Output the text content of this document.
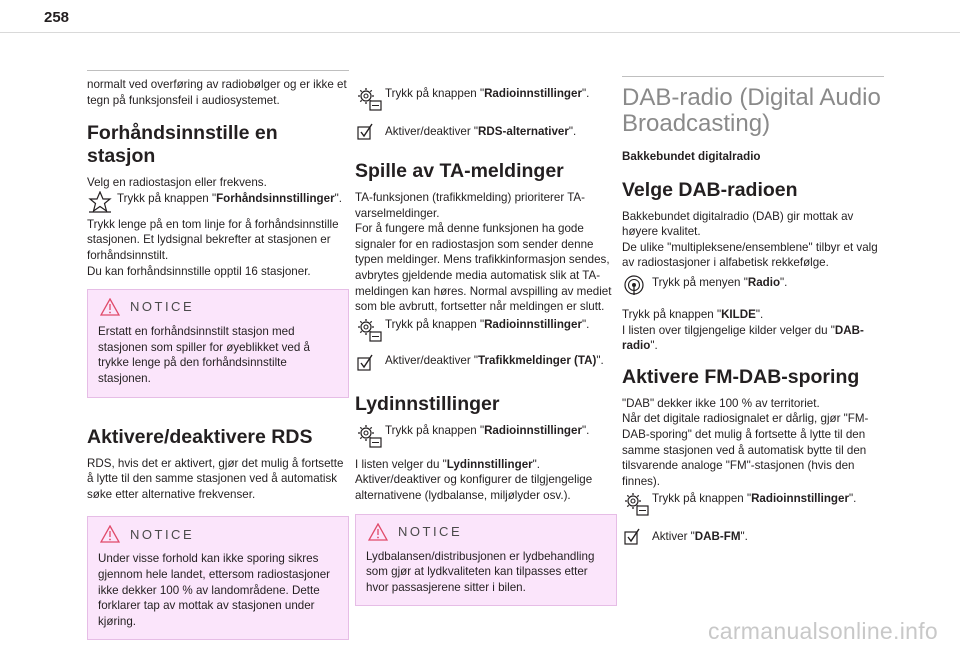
258

normalt ved overføring av radiobølger og er ikke et tegn på funksjonsfeil i audiosystemet.

Forhåndsinnstille en stasjon

Velg en radiostasjon eller frekvens.

Trykk på knappen "Forhåndsinnstillinger".

Trykk lenge på en tom linje for å forhåndsinnstille stasjonen. Et lydsignal bekrefter at stasjonen er forhåndsinnstilt.

Du kan forhåndsinnstille opptil 16 stasjoner.

NOTICE
Erstatt en forhåndsinnstilt stasjon med stasjonen som spiller for øyeblikket ved å trykke lenge på den forhåndsinnstilte stasjonen.
Aktivere/deaktivere RDS

RDS, hvis det er aktivert, gjør det mulig å fortsette å lytte til den samme stasjonen ved å automatisk søke etter alternative frekvenser.

NOTICE
Under visse forhold kan ikke sporing sikres gjennom hele landet, ettersom radiostasjoner ikke dekker 100 % av landområdene. Dette forklarer tap av mottak av stasjonen under kjøring.
Trykk på knappen "Radioinnstillinger".
Aktiver/deaktiver "RDS-alternativer".
Spille av TA-meldinger

TA-funksjonen (trafikkmelding) prioriterer TA-varselmeldinger.

For å fungere må denne funksjonen ha gode signaler for en radiostasjon som sender denne typen meldinger. Mens trafikkinformasjon sendes, avbrytes gjeldende media automatisk slik at TA-meldingen kan høres. Normal avspilling av mediet som ble avbrutt, fortsetter når meldingen er slutt.

Trykk på knappen "Radioinnstillinger".
Aktiver/deaktiver "Trafikkmeldinger (TA)".
Lydinnstillinger
Trykk på knappen "Radioinnstillinger".

I listen velger du "Lydinnstillinger".

Aktiver/deaktiver og konfigurer de tilgjengelige alternativene (lydbalanse, miljølyder osv.).

NOTICE
Lydbalansen/distribusjonen er lydbehandling som gjør at lydkvaliteten kan tilpasses etter hvor passasjerene sitter i bilen.
DAB-radio (Digital Audio Broadcasting)
Bakkebundet digitalradio
Velge DAB-radioen

Bakkebundet digitalradio (DAB) gir mottak av høyere kvalitet.

De ulike "multipleksene/ensemblene" tilbyr et valg av radiostasjoner i alfabetisk rekkefølge.

Trykk på menyen "Radio".

Trykk på knappen "KILDE".

I listen over tilgjengelige kilder velger du "DAB-radio".

Aktivere FM-DAB-sporing

"DAB" dekker ikke 100 % av territoriet.

Når det digitale radiosignalet er dårlig, gjør "FM-DAB-sporing" det mulig å fortsette å lytte til den samme stasjonen ved å automatisk bytte til den tilsvarende analoge "FM"-stasjonen (hvis den finnes).

Trykk på knappen "Radioinnstillinger".
Aktiver "DAB-FM".
carmanualsonline.info
